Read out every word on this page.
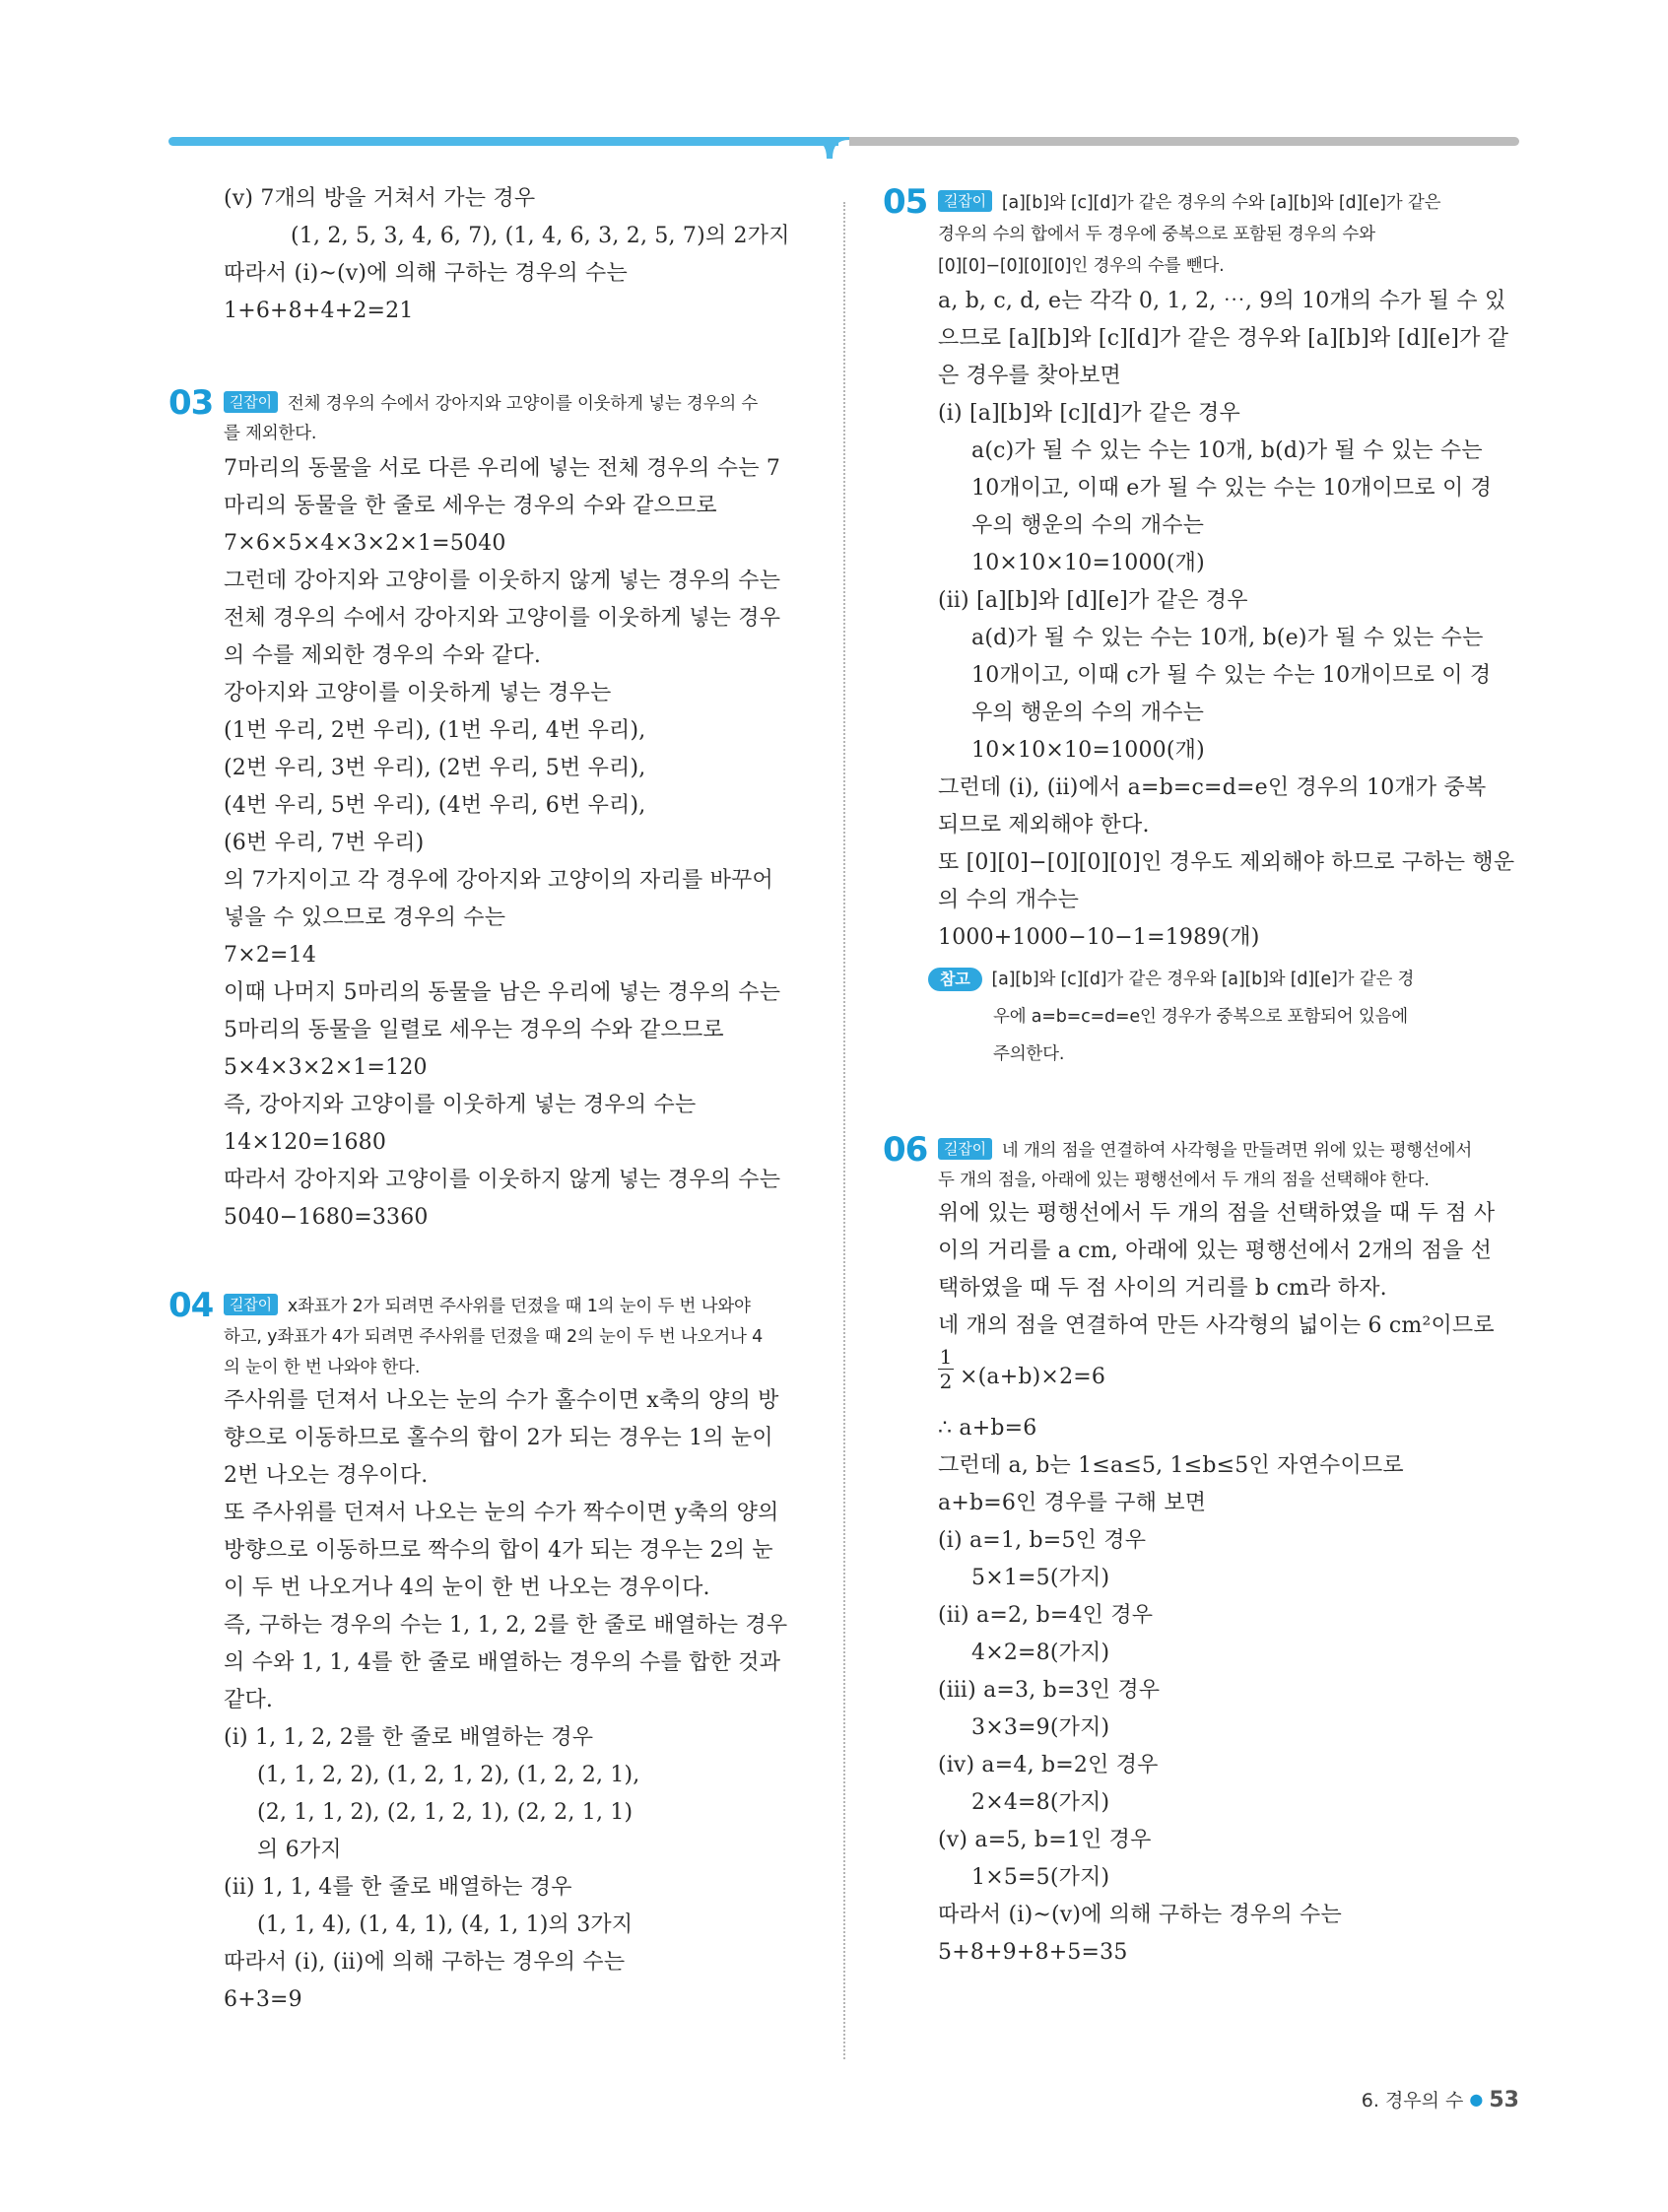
(ⅴ) 7개의 방을 거쳐서 가는 경우
(1, 2, 5, 3, 4, 6, 7), (1, 4, 6, 3, 2, 5, 7)의 2가지
따라서 (ⅰ)~(ⅴ)에 의해 구하는 경우의 수는
1+6+8+4+2=21
03	길잡이 전체 경우의 수에서 강아지와 고양이를 이웃하게 넣는 경우의 수
를 제외한다.
7마리의 동물을 서로 다른 우리에 넣는 전체 경우의 수는 7
마리의 동물을 한 줄로 세우는 경우의 수와 같으므로
7×6×5×4×3×2×1=5040
그런데 강아지와 고양이를 이웃하지 않게 넣는 경우의 수는
전체 경우의 수에서 강아지와 고양이를 이웃하게 넣는 경우
의 수를 제외한 경우의 수와 같다.
강아지와 고양이를 이웃하게 넣는 경우는
(1번 우리, 2번 우리), (1번 우리, 4번 우리),
(2번 우리, 3번 우리), (2번 우리, 5번 우리),
(4번 우리, 5번 우리), (4번 우리, 6번 우리),
(6번 우리, 7번 우리)
의 7가지이고 각 경우에 강아지와 고양이의 자리를 바꾸어
넣을 수 있으므로 경우의 수는
7×2=14
이때 나머지 5마리의 동물을 남은 우리에 넣는 경우의 수는
5마리의 동물을 일렬로 세우는 경우의 수와 같으므로
5×4×3×2×1=120
즉, 강아지와 고양이를 이웃하게 넣는 경우의 수는
14×120=1680
따라서 강아지와 고양이를 이웃하지 않게 넣는 경우의 수는
5040−1680=3360
04	길잡이 x좌표가 2가 되려면 주사위를 던졌을 때 1의 눈이 두 번 나와야
하고, y좌표가 4가 되려면 주사위를 던졌을 때 2의 눈이 두 번 나오거나 4
의 눈이 한 번 나와야 한다.
주사위를 던져서 나오는 눈의 수가 홀수이면 x축의 양의 방
향으로 이동하므로 홀수의 합이 2가 되는 경우는 1의 눈이
2번 나오는 경우이다.
또 주사위를 던져서 나오는 눈의 수가 짝수이면 y축의 양의
방향으로 이동하므로 짝수의 합이 4가 되는 경우는 2의 눈
이 두 번 나오거나 4의 눈이 한 번 나오는 경우이다.
즉, 구하는 경우의 수는 1, 1, 2, 2를 한 줄로 배열하는 경우
의 수와 1, 1, 4를 한 줄로 배열하는 경우의 수를 합한 것과
같다.
(ⅰ) 1, 1, 2, 2를 한 줄로 배열하는 경우
(1, 1, 2, 2), (1, 2, 1, 2), (1, 2, 2, 1),
(2, 1, 1, 2), (2, 1, 2, 1), (2, 2, 1, 1)
의 6가지
(ⅱ) 1, 1, 4를 한 줄로 배열하는 경우
(1, 1, 4), (1, 4, 1), (4, 1, 1)의 3가지
따라서 (ⅰ), (ⅱ)에 의해 구하는 경우의 수는
6+3=9
05	길잡이 [a][b]와 [c][d]가 같은 경우의 수와 [a][b]와 [d][e]가 같은
경우의 수의 합에서 두 경우에 중복으로 포함된 경우의 수와
[0][0]−[0][0][0]인 경우의 수를 뺀다.
a, b, c, d, e는 각각 0, 1, 2, ⋯, 9의 10개의 수가 될 수 있
으므로 [a][b]와 [c][d]가 같은 경우와 [a][b]와 [d][e]가 같
은 경우를 찾아보면
(ⅰ) [a][b]와 [c][d]가 같은 경우
a(c)가 될 수 있는 수는 10개, b(d)가 될 수 있는 수는
10개이고, 이때 e가 될 수 있는 수는 10개이므로 이 경
우의 행운의 수의 개수는
10×10×10=1000(개)
(ⅱ) [a][b]와 [d][e]가 같은 경우
a(d)가 될 수 있는 수는 10개, b(e)가 될 수 있는 수는
10개이고, 이때 c가 될 수 있는 수는 10개이므로 이 경
우의 행운의 수의 개수는
10×10×10=1000(개)
그런데 (ⅰ), (ⅱ)에서 a=b=c=d=e인 경우의 10개가 중복
되므로 제외해야 한다.
또 [0][0]−[0][0][0]인 경우도 제외해야 하므로 구하는 행운
의 수의 개수는
1000+1000−10−1=1989(개)
참고 [a][b]와 [c][d]가 같은 경우와 [a][b]와 [d][e]가 같은 경
우에 a=b=c=d=e인 경우가 중복으로 포함되어 있음에
주의한다.
06	길잡이 네 개의 점을 연결하여 사각형을 만들려면 위에 있는 평행선에서
두 개의 점을, 아래에 있는 평행선에서 두 개의 점을 선택해야 한다.
위에 있는 평행선에서 두 개의 점을 선택하였을 때 두 점 사
이의 거리를 a cm, 아래에 있는 평행선에서 2개의 점을 선
택하였을 때 두 점 사이의 거리를 b cm라 하자.
네 개의 점을 연결하여 만든 사각형의 넓이는 6 cm²이므로
1
2 ×(a+b)×2=6
∴ a+b=6
그런데 a, b는 1≤a≤5, 1≤b≤5인 자연수이므로
a+b=6인 경우를 구해 보면
(ⅰ) a=1, b=5인 경우
5×1=5(가지)
(ⅱ) a=2, b=4인 경우
4×2=8(가지)
(ⅲ) a=3, b=3인 경우
3×3=9(가지)
(ⅳ) a=4, b=2인 경우
2×4=8(가지)
(ⅴ) a=5, b=1인 경우
1×5=5(가지)
따라서 (ⅰ)~(ⅴ)에 의해 구하는 경우의 수는
5+8+9+8+5=35
6. 경우의 수 ● 53
